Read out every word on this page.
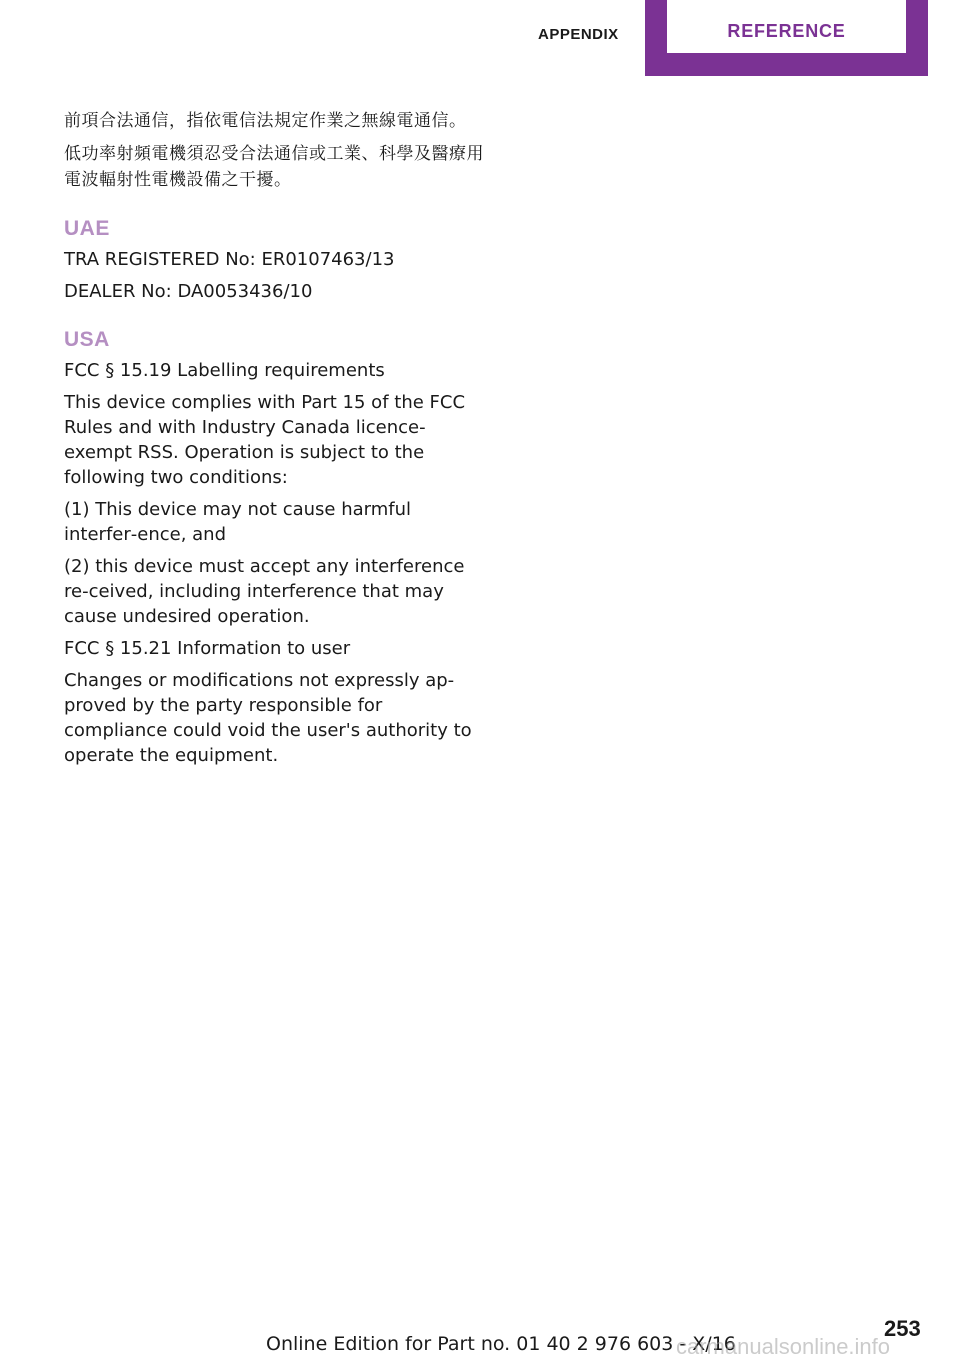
APPENDIX	REFERENCE

前項合法通信，指依電信法規定作業之無線電通信。

低功率射頻電機須忍受合法通信或工業、科學及醫療用電波輻射性電機設備之干擾。

UAE

TRA REGISTERED No: ER0107463/13

DEALER No: DA0053436/10

USA

FCC § 15.19 Labelling requirements

This device complies with Part 15 of the FCC Rules and with Industry Canada licence-exempt RSS. Operation is subject to the following two conditions:

(1) This device may not cause harmful interfer‐ence, and

(2) this device must accept any interference re‐ceived, including interference that may cause undesired operation.

FCC § 15.21 Information to user

Changes or modifications not expressly ap‐proved by the party responsible for compliance could void the user's authority to operate the equipment.

253
Online Edition for Part no. 01 40 2 976 603 - X/16
carmanualsonline.info
